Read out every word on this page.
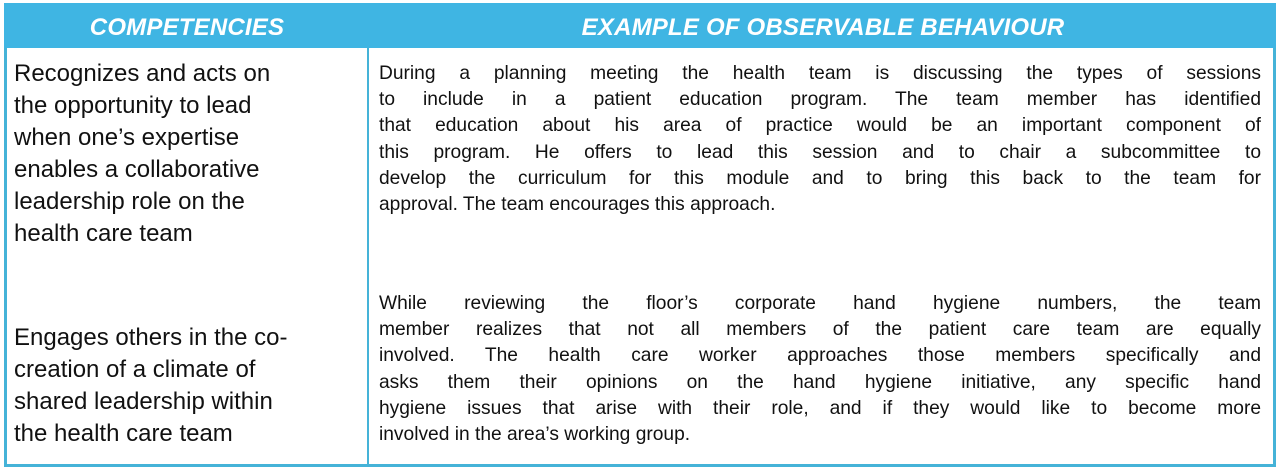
COMPETENCIES	EXAMPLE OF OBSERVABLE BEHAVIOUR
Recognizes and acts on
the opportunity to lead
when one’s expertise
enables a collaborative
leadership role on the
health care team
During a planning meeting the health team is discussing the types of sessions
to include in a patient education program. The team member has identified
that education about his area of practice would be an important component of
this program. He offers to lead this session and to chair a subcommittee to
develop the curriculum for this module and to bring this back to the team for
approval. The team encourages this approach.
Engages others in the co-
creation of a climate of
shared leadership within
the health care team
While reviewing the floor’s corporate hand hygiene numbers, the team
member realizes that not all members of the patient care team are equally
involved. The health care worker approaches those members specifically and
asks them their opinions on the hand hygiene initiative, any specific hand
hygiene issues that arise with their role, and if they would like to become more
involved in the area’s working group.
